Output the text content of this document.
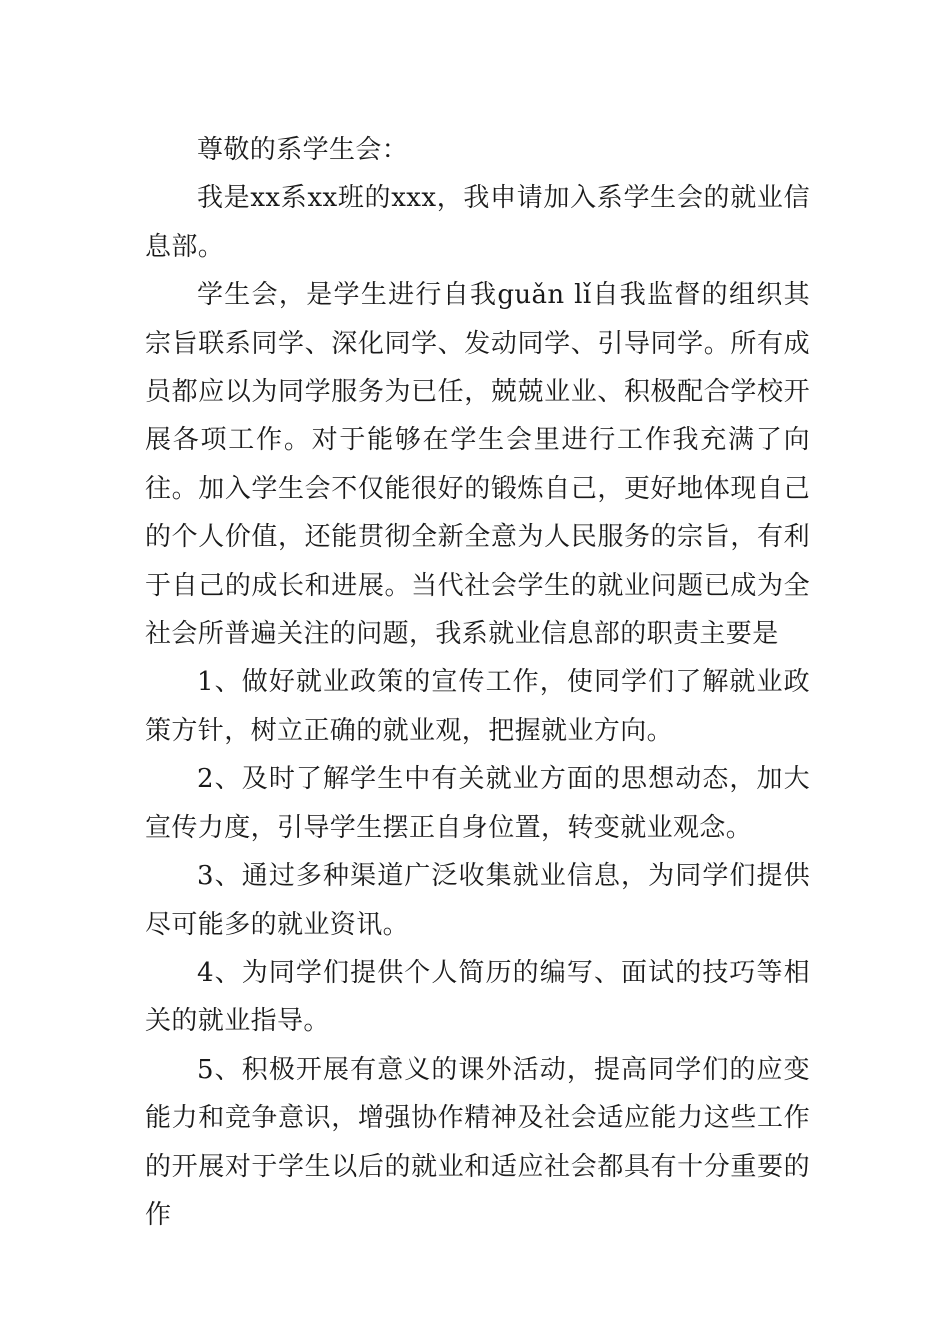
尊敬的系学生会：

我是xx系xx班的xxx，我申请加入系学生会的就业信息部。

学生会，是学生进行自我guǎn lǐ自我监督的组织其宗旨联系同学、深化同学、发动同学、引导同学。所有成员都应以为同学服务为已任，兢兢业业、积极配合学校开展各项工作。对于能够在学生会里进行工作我充满了向往。加入学生会不仅能很好的锻炼自己，更好地体现自己的个人价值，还能贯彻全新全意为人民服务的宗旨，有利于自己的成长和进展。当代社会学生的就业问题已成为全社会所普遍关注的问题，我系就业信息部的职责主要是

1、做好就业政策的宣传工作，使同学们了解就业政策方针，树立正确的就业观，把握就业方向。

2、及时了解学生中有关就业方面的思想动态，加大宣传力度，引导学生摆正自身位置，转变就业观念。

3、通过多种渠道广泛收集就业信息，为同学们提供尽可能多的就业资讯。

4、为同学们提供个人简历的编写、面试的技巧等相关的就业指导。

5、积极开展有意义的课外活动，提高同学们的应变能力和竞争意识，增强协作精神及社会适应能力这些工作的开展对于学生以后的就业和适应社会都具有十分重要的作
